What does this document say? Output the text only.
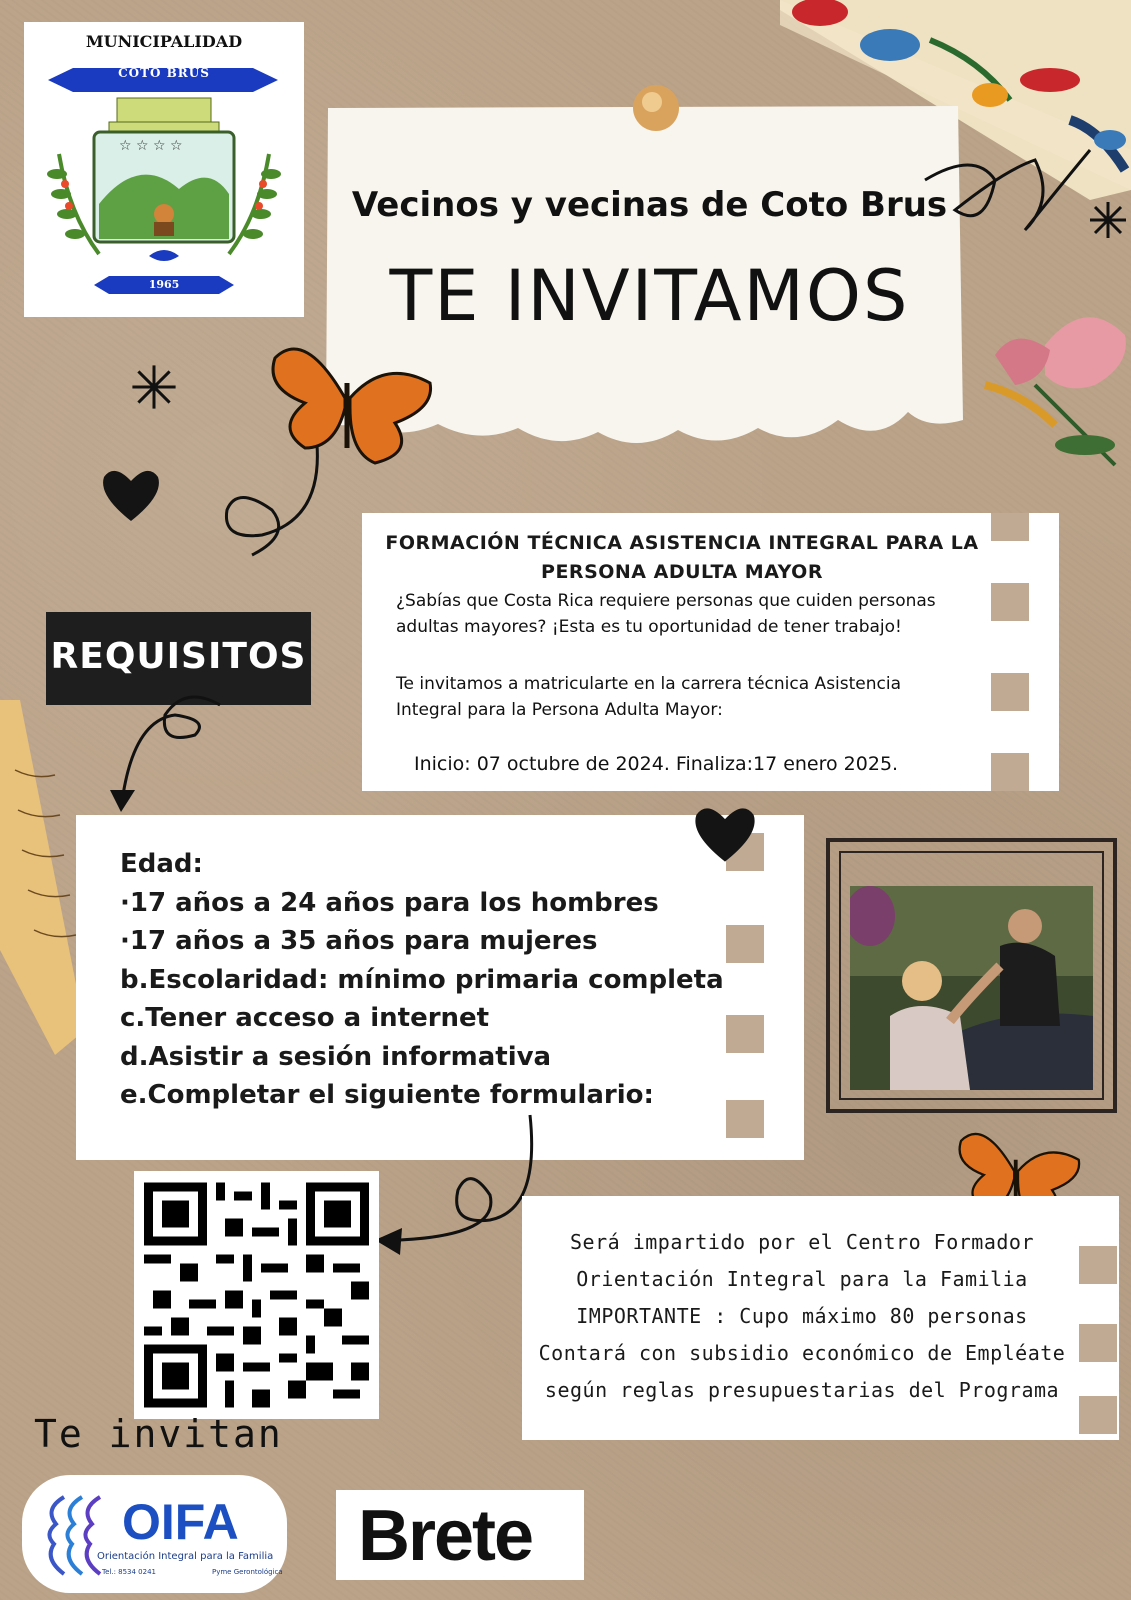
MUNICIPALIDAD
COTO BRUS
☆ ☆ ☆ ☆
1965
Vecinos y vecinas de Coto Brus
TE INVITAMOS
FORMACIÓN TÉCNICA ASISTENCIA INTEGRAL PARA LA
PERSONA ADULTA MAYOR
¿Sabías que Costa Rica requiere personas que cuiden personas
adultas mayores? ¡Esta es tu oportunidad de tener trabajo!
Te invitamos a matricularte en la carrera técnica Asistencia
Integral para la Persona Adulta Mayor:
Inicio: 07 octubre de 2024. Finaliza:17 enero 2025.
REQUISITOS
Edad:
·17 años a 24 años para los hombres
·17 años a 35 años para mujeres
b.Escolaridad: mínimo primaria completa
c.Tener acceso a internet
d.Asistir a sesión informativa
e.Completar el siguiente formulario:
Será impartido por el Centro Formador
Orientación Integral para la Familia
IMPORTANTE : Cupo máximo 80 personas
Contará con subsidio económico de Empléate
según reglas presupuestarias del Programa
Te invitan
OIFA
Orientación Integral para la Familia
Tel.: 8534 0241	Pyme Gerontológica Brete
